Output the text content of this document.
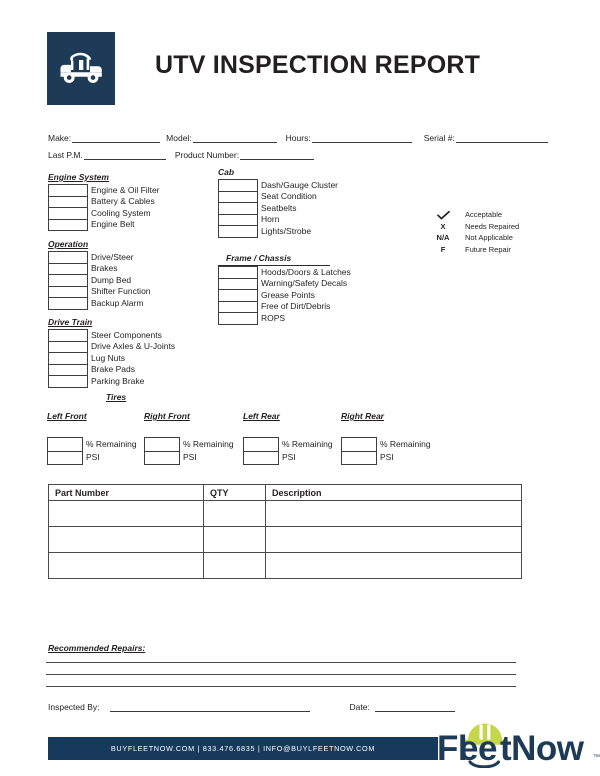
UTV INSPECTION REPORT
Make:	Model:	Hours:	Serial #:
Last P.M.	Product Number:
Engine System
	Engine & Oil Filter
	Battery & Cables
	Cooling System
	Engine Belt
Operation
	Drive/Steer
	Brakes
	Dump Bed
	Shifter Function
	Backup Alarm
Drive Train
	Steer Components
	Drive Axles & U-Joints
	Lug Nuts
	Brake Pads
	Parking Brake
Cab
	Dash/Gauge Cluster
	Seat Condition
	Seatbelts
	Horn
	Lights/Strobe
Frame / Chassis
	Hoods/Doors & Latches
	Warning/Safety Decals
	Grease Points
	Free of Dirt/Debris
	ROPS
Acceptable
X	Needs Repaired
N/A	Not Applicable
F	Future Repair
Tires
Left Front
	% Remaining
	PSI
Right Front
	% Remaining
	PSI
Left Rear
	% Remaining
	PSI
Right Rear
	% Remaining
	PSI
Part Number	QTY	Description

Recommended Repairs:
Inspected By:	Date:
BUYFLEETNOW.COM | 833.476.6835 | INFO@BUYLFEETNOW.COM	Fl
ee tNow ™
